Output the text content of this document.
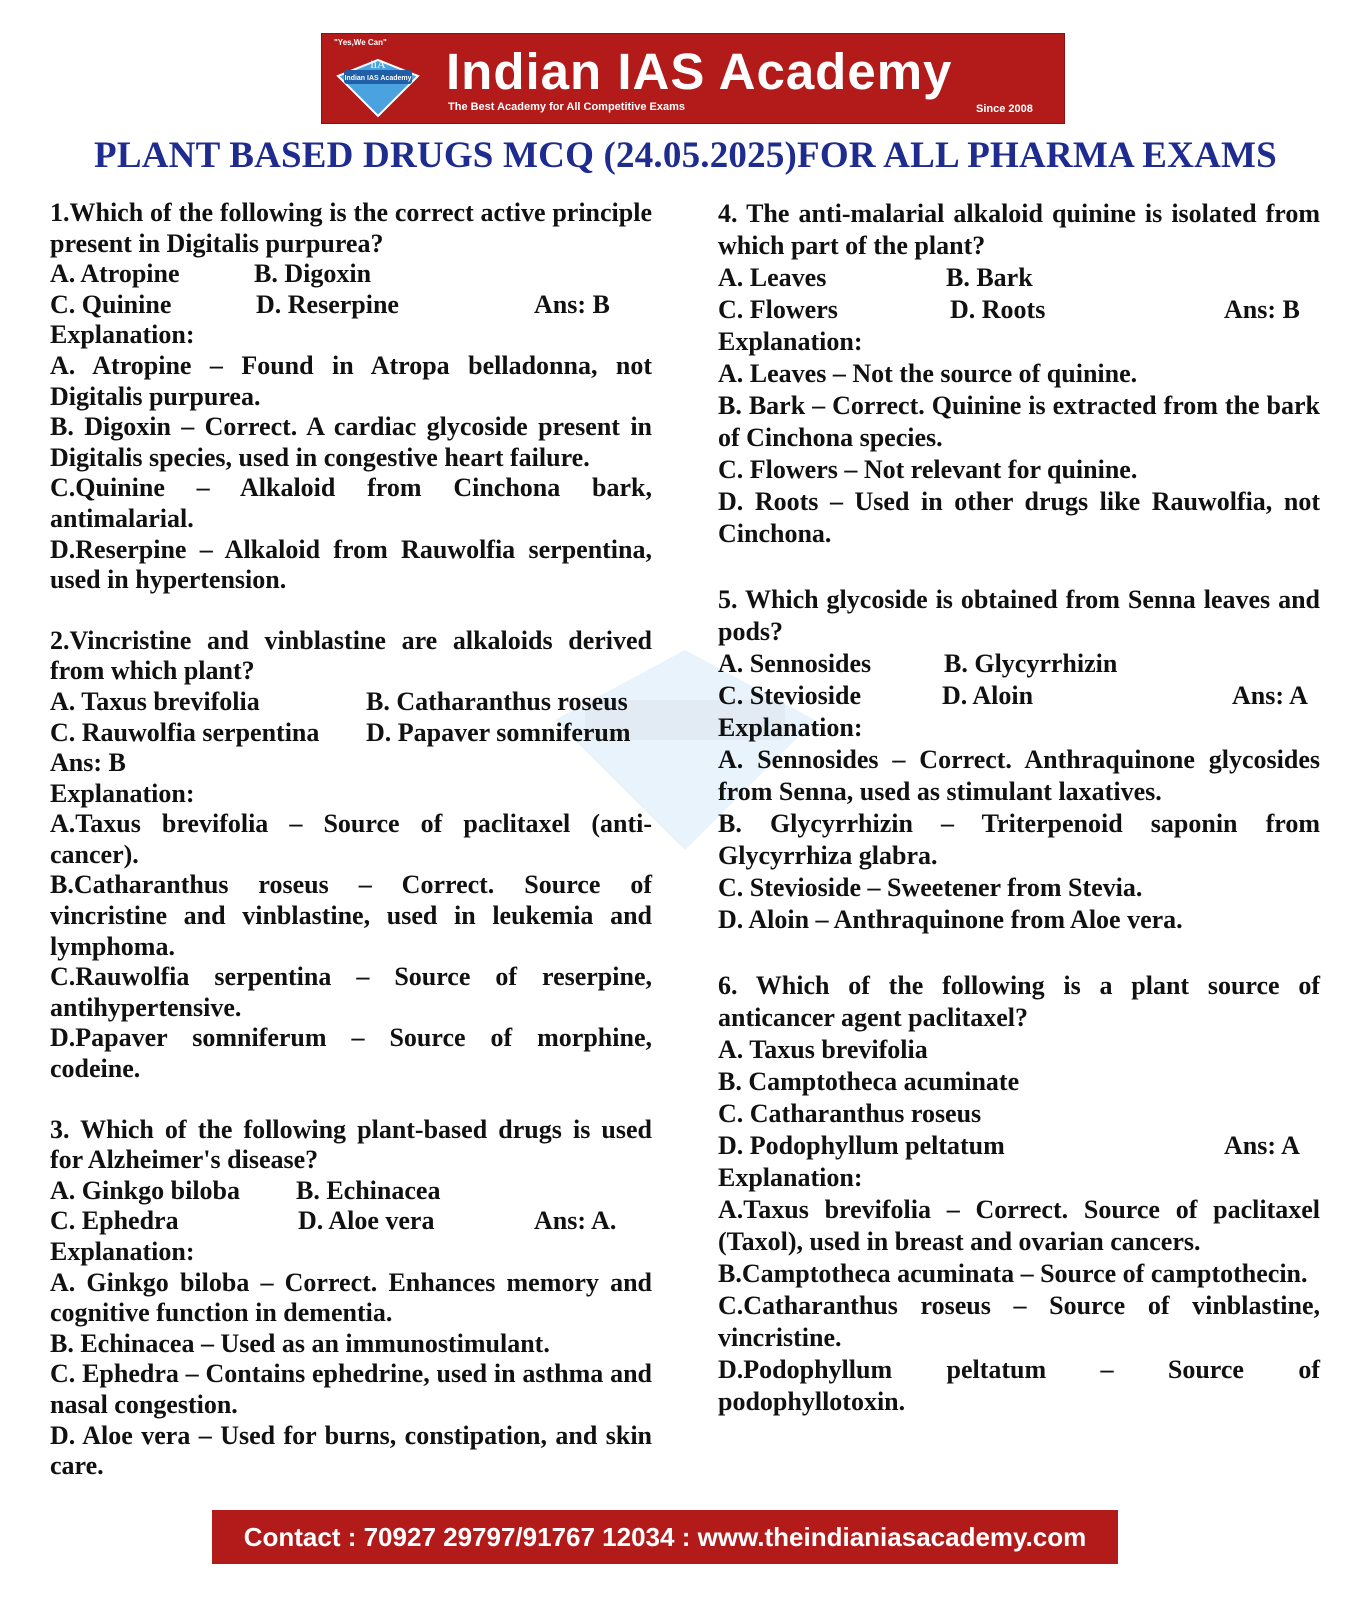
Indian IAS Academy
iiA
"Yes,We Can"
Indian IAS Academy
The Best Academy for All Competitive Exams	Since 2008
PLANT BASED DRUGS MCQ (24.05.2025)FOR ALL PHARMA EXAMS
1.Which of the following is the correct active principle present in Digitalis purpurea?
A. Atropine	B. Digoxin
C. Quinine	D. Reserpine	Ans: B
Explanation:
A. Atropine – Found in Atropa belladonna, not Digitalis purpurea.
B. Digoxin – Correct. A cardiac glycoside present in Digitalis species, used in congestive heart failure.
C.Quinine – Alkaloid from Cinchona bark, antimalarial.
D.Reserpine – Alkaloid from Rauwolfia serpentina, used in hypertension.
2.Vincristine and vinblastine are alkaloids derived from which plant?
A. Taxus brevifolia	B. Catharanthus roseus
C. Rauwolfia serpentina	D. Papaver somniferum
Ans: B
Explanation:
A.Taxus brevifolia – Source of paclitaxel (anti-cancer).
B.Catharanthus roseus – Correct. Source of vincristine and vinblastine, used in leukemia and lymphoma.
C.Rauwolfia serpentina – Source of reserpine, antihypertensive.
D.Papaver somniferum – Source of morphine, codeine.
3. Which of the following plant-based drugs is used for Alzheimer's disease?
A. Ginkgo biloba	B. Echinacea
C. Ephedra	D. Aloe vera	Ans: A.
Explanation:
A. Ginkgo biloba – Correct. Enhances memory and cognitive function in dementia.
B. Echinacea – Used as an immunostimulant.
C. Ephedra – Contains ephedrine, used in asthma and nasal congestion.
D. Aloe vera – Used for burns, constipation, and skin care.
4. The anti-malarial alkaloid quinine is isolated from which part of the plant?
A. Leaves	B. Bark
C. Flowers	D. Roots	Ans: B
Explanation:
A. Leaves – Not the source of quinine.
B. Bark – Correct. Quinine is extracted from the bark of Cinchona species.
C. Flowers – Not relevant for quinine.
D. Roots – Used in other drugs like Rauwolfia, not Cinchona.
5. Which glycoside is obtained from Senna leaves and pods?
A. Sennosides	B. Glycyrrhizin
C. Stevioside	D. Aloin	Ans: A
Explanation:
A. Sennosides – Correct. Anthraquinone glycosides from Senna, used as stimulant laxatives.
B. Glycyrrhizin – Triterpenoid saponin from Glycyrrhiza glabra.
C. Stevioside – Sweetener from Stevia.
D. Aloin – Anthraquinone from Aloe vera.
6. Which of the following is a plant source of anticancer agent paclitaxel?
A. Taxus brevifolia
B. Camptotheca acuminate
C. Catharanthus roseus
D. Podophyllum peltatum	Ans: A
Explanation:
A.Taxus brevifolia – Correct. Source of paclitaxel (Taxol), used in breast and ovarian cancers.
B.Camptotheca acuminata – Source of camptothecin.
C.Catharanthus roseus – Source of vinblastine, vincristine.
D.Podophyllum peltatum – Source of podophyllotoxin.
Contact : 70927 29797/91767 12034 : www.theindianiasacademy.com
